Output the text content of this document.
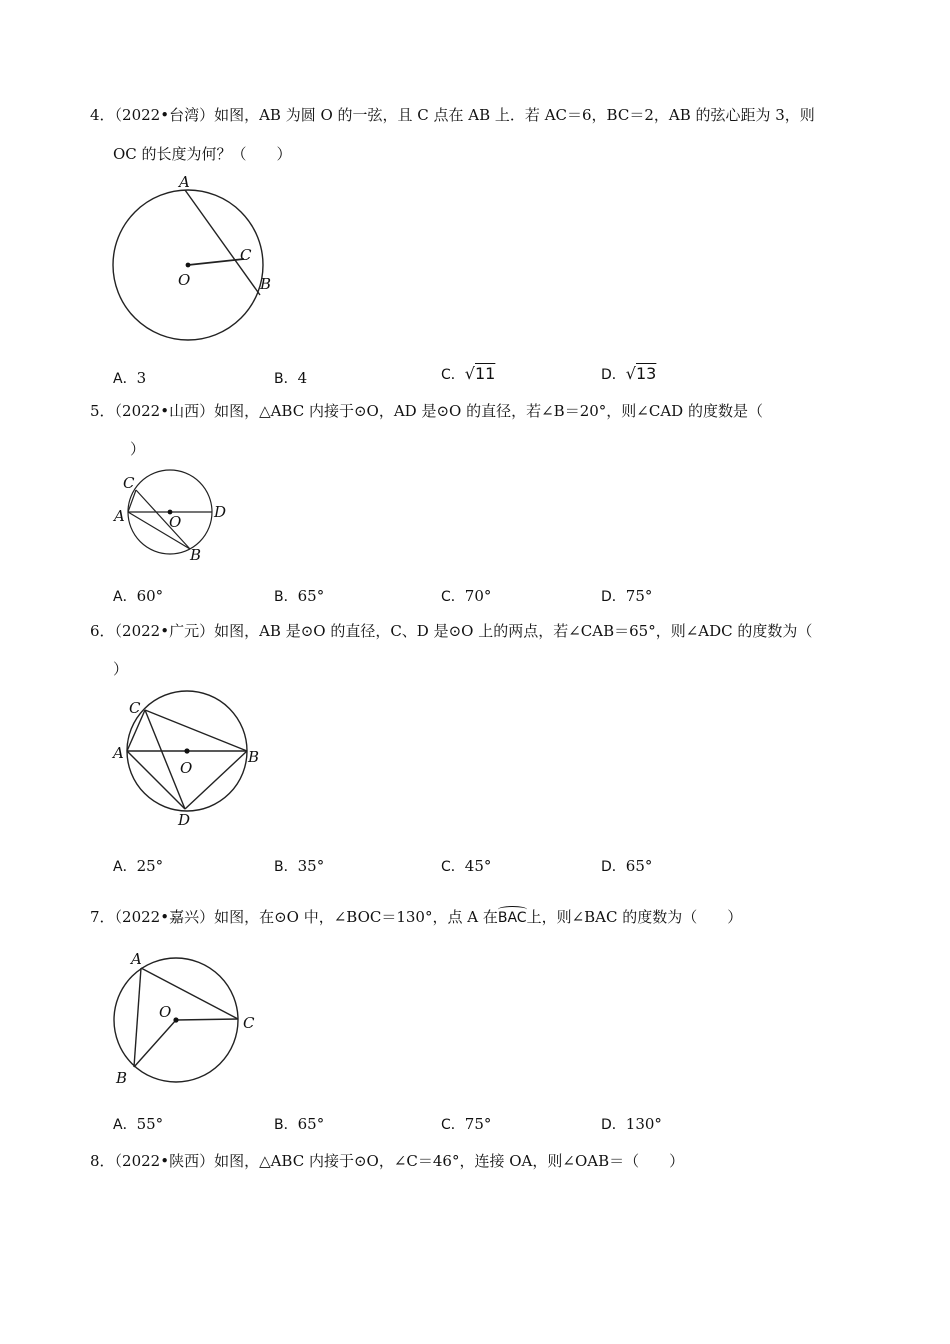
4．（2022•台湾）如图，AB 为圆 O 的一弦，且 C 点在 AB 上．若 AC＝6，BC＝2，AB 的弦心距为 3，则
OC 的长度为何？（　　）
A
B
C
O
A．3	B．4	C．√11	D．√13
5．（2022•山西）如图，△ABC 内接于⊙O，AD 是⊙O 的直径，若∠B＝20°，则∠CAD 的度数是（
）
A
B
C
D
O
A．60°	B．65°	C．70°	D．75°
6．（2022•广元）如图，AB 是⊙O 的直径，C、D 是⊙O 上的两点，若∠CAB＝65°，则∠ADC 的度数为（
）
A	B
C
D
O
A．25°	B．35°	C．45°	D．65°
7．（2022•嘉兴）如图，在⊙O 中，∠BOC＝130°，点 A 在BAC上，则∠BAC 的度数为（　　）
A
B
C
O
A．55°	B．65°	C．75°	D．130°
8．（2022•陕西）如图，△ABC 内接于⊙O，∠C＝46°，连接 OA，则∠OAB＝（　　）
